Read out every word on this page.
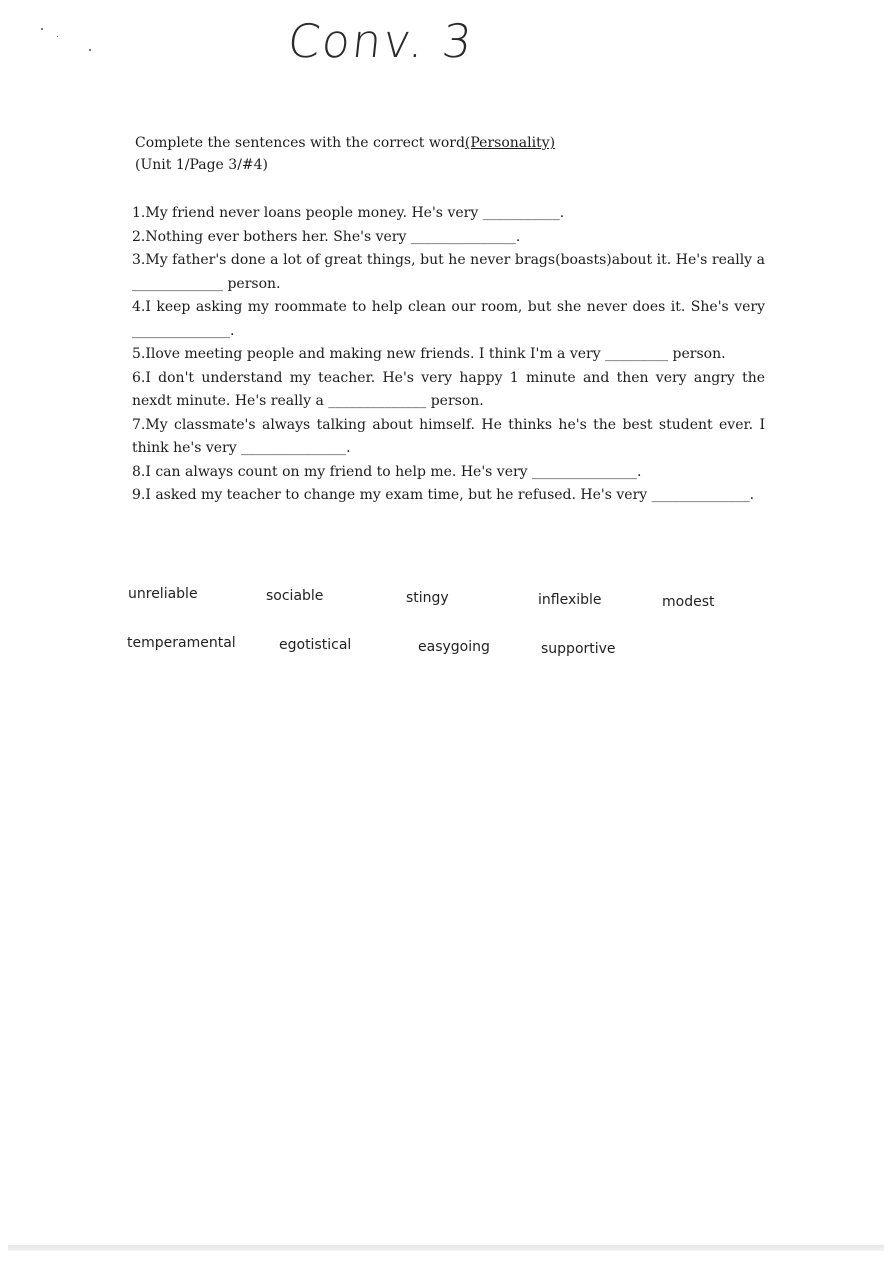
Conv. 3
Complete the sentences with the correct word(Personality)
(Unit 1/Page 3/#4)

1.My friend never loans people money. He's very ___________.

2.Nothing ever bothers her. She's very _______________.

3.My father's done a lot of great things, but he never brags(boasts)about it. He's really a _____________ person.

4.I keep asking my roommate to help clean our room, but she never does it. She's very ______________.

5.Ilove meeting people and making new friends. I think I'm a very _________ person.

6.I don't understand my teacher. He's very happy 1 minute and then very angry the nexdt minute. He's really a ______________ person.

7.My classmate's always talking about himself. He thinks he's the best student ever. I think he's very _______________.

8.I can always count on my friend to help me. He's very _______________.

9.I asked my teacher to change my exam time, but he refused. He's very ______________.

unreliable	sociable	stingy	inflexible	modest
temperamental	egotistical	easygoing	supportive
